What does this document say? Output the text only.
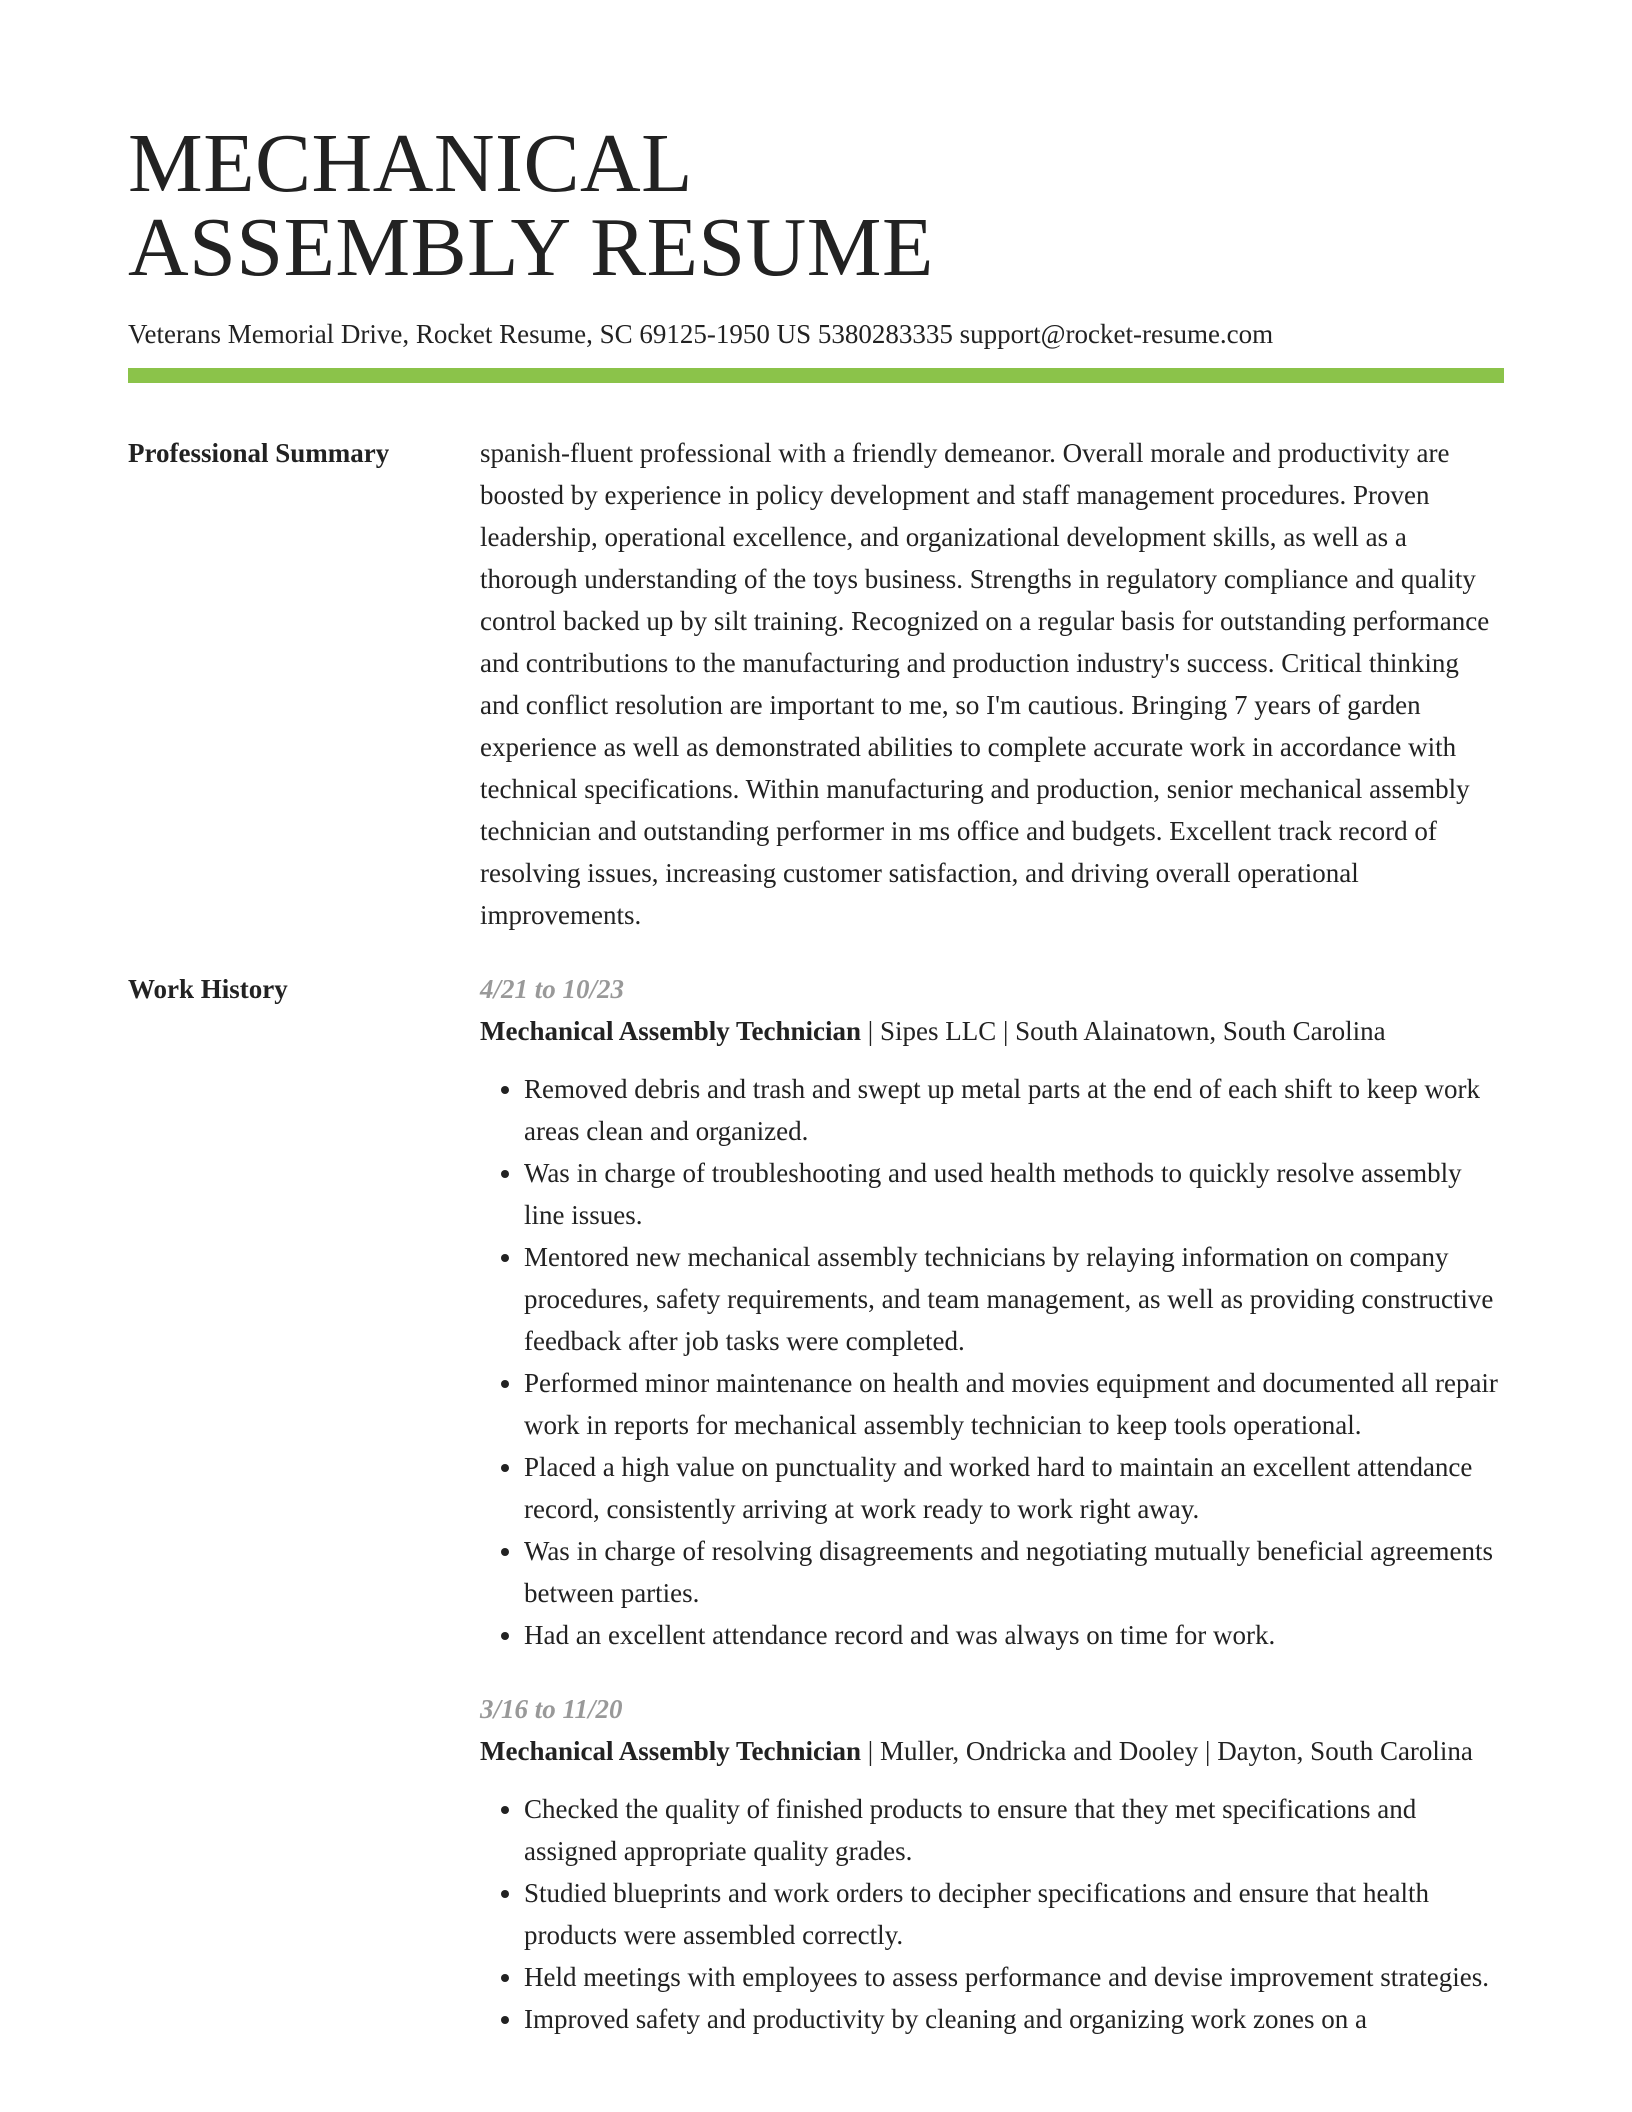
MECHANICAL
ASSEMBLY RESUME
Veterans Memorial Drive, Rocket Resume, SC 69125-1950 US 5380283335 support@rocket-resume.com
Professional Summary	spanish-fluent professional with a friendly demeanor. Overall morale and productivity are boosted by experience in policy development and staff management procedures. Proven leadership, operational excellence, and organizational development skills, as well as a thorough understanding of the toys business. Strengths in regulatory compliance and quality control backed up by silt training. Recognized on a regular basis for outstanding performance and contributions to the manufacturing and production industry's success. Critical thinking and conflict resolution are important to me, so I'm cautious. Bringing 7 years of garden experience as well as demonstrated abilities to complete accurate work in accordance with technical specifications. Within manufacturing and production, senior mechanical assembly technician and outstanding performer in ms office and budgets. Excellent track record of resolving issues, increasing customer satisfaction, and driving overall operational improvements.
Work History	4/21 to 10/23
Mechanical Assembly Technician | Sipes LLC | South Alainatown, South Carolina
• Removed debris and trash and swept up metal parts at the end of each shift to keep work areas clean and organized.
• Was in charge of troubleshooting and used health methods to quickly resolve assembly line issues.
• Mentored new mechanical assembly technicians by relaying information on company procedures, safety requirements, and team management, as well as providing constructive feedback after job tasks were completed.
• Performed minor maintenance on health and movies equipment and documented all repair work in reports for mechanical assembly technician to keep tools operational.
• Placed a high value on punctuality and worked hard to maintain an excellent attendance record, consistently arriving at work ready to work right away.
• Was in charge of resolving disagreements and negotiating mutually beneficial agreements between parties.
• Had an excellent attendance record and was always on time for work.
3/16 to 11/20
Mechanical Assembly Technician | Muller, Ondricka and Dooley | Dayton, South Carolina
• Checked the quality of finished products to ensure that they met specifications and assigned appropriate quality grades.
• Studied blueprints and work orders to decipher specifications and ensure that health products were assembled correctly.
• Held meetings with employees to assess performance and devise improvement strategies.
• Improved safety and productivity by cleaning and organizing work zones on a
